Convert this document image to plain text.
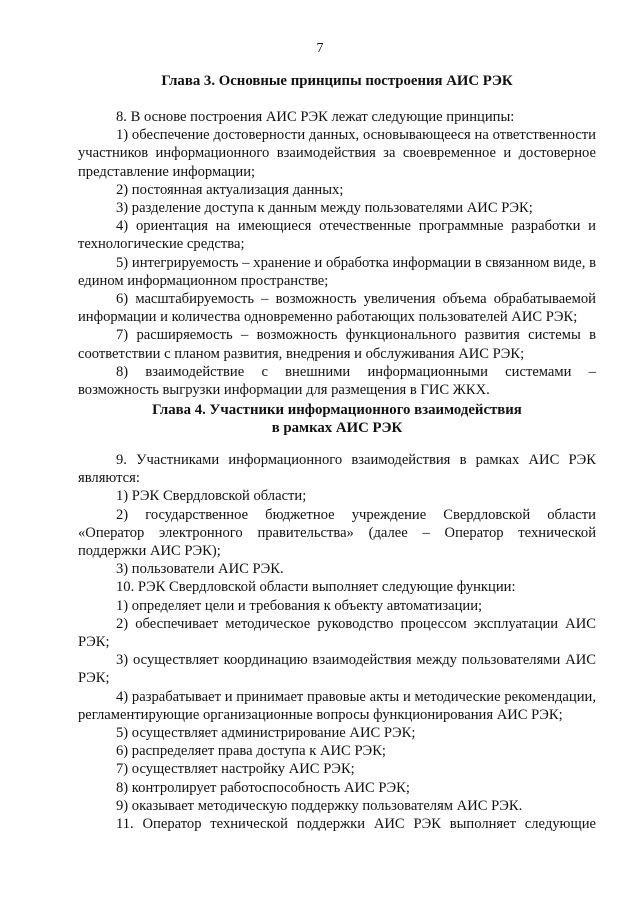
7
Глава 3. Основные принципы построения АИС РЭК

8. В основе построения АИС РЭК лежат следующие принципы:

1) обеспечение достоверности данных, основывающееся на ответственности участников информационного взаимодействия за своевременное и достоверное представление информации;

2) постоянная актуализация данных;

3) разделение доступа к данным между пользователями АИС РЭК;

4) ориентация на имеющиеся отечественные программные разработки и технологические средства;

5) интегрируемость – хранение и обработка информации в связанном виде, в едином информационном пространстве;

6) масштабируемость – возможность увеличения объема обрабатываемой информации и количества одновременно работающих пользователей АИС РЭК;

7) расширяемость – возможность функционального развития системы в соответствии с планом развития, внедрения и обслуживания АИС РЭК;

8) взаимодействие с внешними информационными системами – возможность выгрузки информации для размещения в ГИС ЖКХ.

Глава 4. Участники информационного взаимодействия
в рамках АИС РЭК

9. Участниками информационного взаимодействия в рамках АИС РЭК являются:

1) РЭК Свердловской области;

2) государственное бюджетное учреждение Свердловской области «Оператор электронного правительства» (далее – Оператор технической поддержки АИС РЭК);

3) пользователи АИС РЭК.

10. РЭК Свердловской области выполняет следующие функции:

1) определяет цели и требования к объекту автоматизации;

2) обеспечивает методическое руководство процессом эксплуатации АИС РЭК;

3) осуществляет координацию взаимодействия между пользователями АИС РЭК;

4) разрабатывает и принимает правовые акты и методические рекомендации, регламентирующие организационные вопросы функционирования АИС РЭК;

5) осуществляет администрирование АИС РЭК;

6) распределяет права доступа к АИС РЭК;

7) осуществляет настройку АИС РЭК;

8) контролирует работоспособность АИС РЭК;

9) оказывает методическую поддержку пользователям АИС РЭК.

11. Оператор технической поддержки АИС РЭК выполняет следующие
